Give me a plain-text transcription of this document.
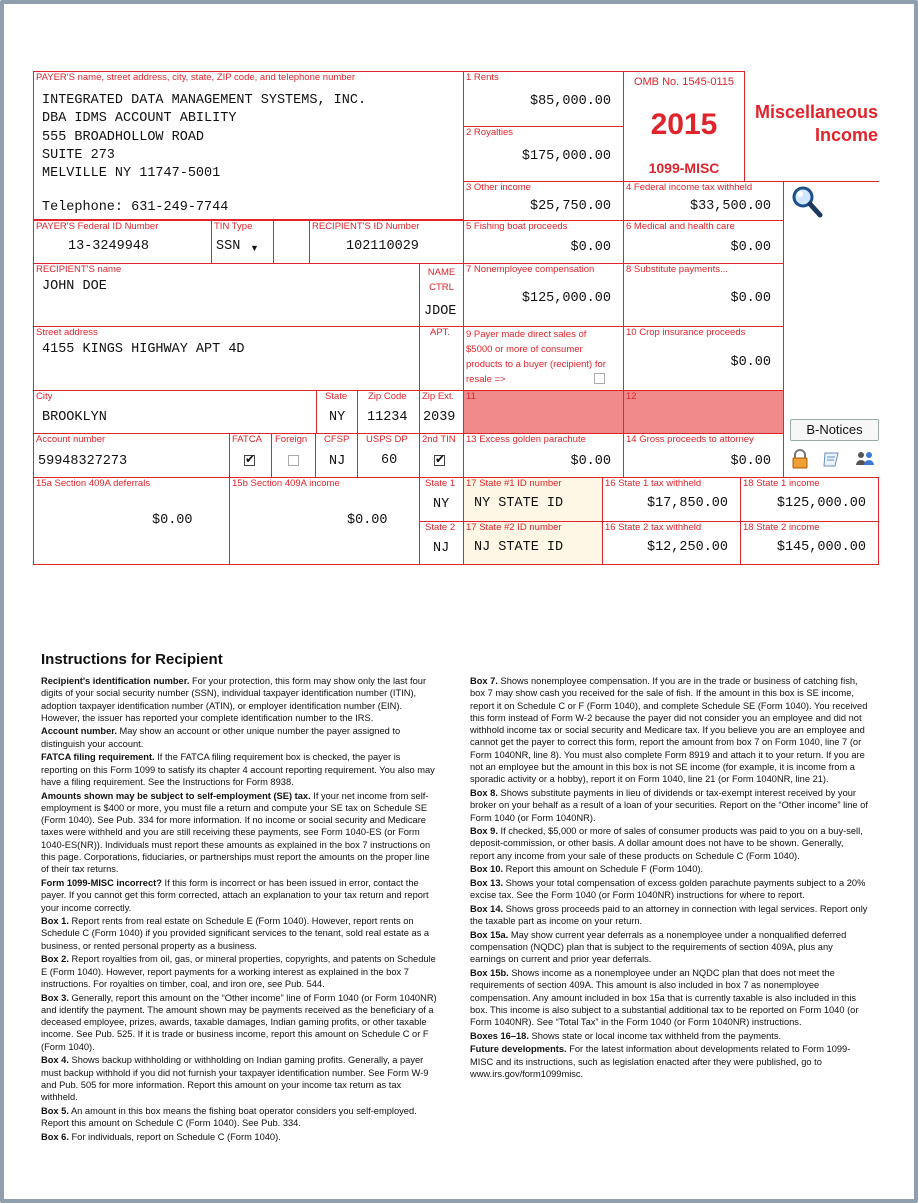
PAYER'S name, street address, city, state, ZIP code, and telephone number
INTEGRATED DATA MANAGEMENT SYSTEMS, INC.
DBA IDMS ACCOUNT ABILITY
555 BROADHOLLOW ROAD
SUITE 273
MELVILLE NY 11747-5001
Telephone: 631-249-7744
1 Rents
$85,000.00
2 Royalties
$175,000.00
OMB No. 1545-0115
2015
1099-MISC
Miscellaneous
Income
3 Other income
$25,750.00
4 Federal income tax withheld
$33,500.00
PAYER'S Federal ID Number
13-3249948
TIN Type
SSN ▼
RECIPIENT'S ID Number
102110029
5 Fishing boat proceeds
$0.00
6 Medical and health care
$0.00
RECIPIENT'S name
JOHN DOE
NAME CTRL
JDOE
7 Nonemployee compensation
$125,000.00
8 Substitute payments...
$0.00
Street address
4155 KINGS HIGHWAY APT 4D
APT. 9 Payer made direct sales of $5000 or more of consumer products to a buyer (recipient) for resale =>
10 Crop insurance proceeds
$0.00
City
BROOKLYN
State
NY
Zip Code
11234
Zip Ext.
2039
11	12
B-Notices
Account number
59948327273
FATCA
✔
Foreign CFSP
NJ
USPS DP
60
2nd TIN
✔
13 Excess golden parachute
$0.00
14 Gross proceeds to attorney
$0.00
15a Section 409A deferrals
$0.00
15b Section 409A income
$0.00
State 1
NY
17 State #1 ID number
NY STATE ID
16 State 1 tax withheld
$17,850.00
18 State 1 income
$125,000.00
State 2
NJ
17 State #2 ID number
NJ STATE ID
16 State 2 tax withheld
$12,250.00
18 State 2 income
$145,000.00
Instructions for Recipient

Recipient's identification number. For your protection, this form may show only the last four digits of your social security number (SSN), individual taxpayer identification number (ITIN), adoption taxpayer identification number (ATIN), or employer identification number (EIN). However, the issuer has reported your complete identification number to the IRS.

Account number. May show an account or other unique number the payer assigned to distinguish your account.

FATCA filing requirement. If the FATCA filing requirement box is checked, the payer is reporting on this Form 1099 to satisfy its chapter 4 account reporting requirement. You also may have a filing requirement. See the Instructions for Form 8938.

Amounts shown may be subject to self-employment (SE) tax. If your net income from self-employment is $400 or more, you must file a return and compute your SE tax on Schedule SE (Form 1040). See Pub. 334 for more information. If no income or social security and Medicare taxes were withheld and you are still receiving these payments, see Form 1040-ES (or Form 1040-ES(NR)). Individuals must report these amounts as explained in the box 7 instructions on this page. Corporations, fiduciaries, or partnerships must report the amounts on the proper line of their tax returns.

Form 1099-MISC incorrect? If this form is incorrect or has been issued in error, contact the payer. If you cannot get this form corrected, attach an explanation to your tax return and report your income correctly.

Box 1. Report rents from real estate on Schedule E (Form 1040). However, report rents on Schedule C (Form 1040) if you provided significant services to the tenant, sold real estate as a business, or rented personal property as a business.

Box 2. Report royalties from oil, gas, or mineral properties, copyrights, and patents on Schedule E (Form 1040). However, report payments for a working interest as explained in the box 7 instructions. For royalties on timber, coal, and iron ore, see Pub. 544.

Box 3. Generally, report this amount on the “Other income” line of Form 1040 (or Form 1040NR) and identify the payment. The amount shown may be payments received as the beneficiary of a deceased employee, prizes, awards, taxable damages, Indian gaming profits, or other taxable income. See Pub. 525. If it is trade or business income, report this amount on Schedule C or F (Form 1040).

Box 4. Shows backup withholding or withholding on Indian gaming profits. Generally, a payer must backup withhold if you did not furnish your taxpayer identification number. See Form W-9 and Pub. 505 for more information. Report this amount on your income tax return as tax withheld.

Box 5. An amount in this box means the fishing boat operator considers you self-employed. Report this amount on Schedule C (Form 1040). See Pub. 334.

Box 6. For individuals, report on Schedule C (Form 1040).

Box 7. Shows nonemployee compensation. If you are in the trade or business of catching fish, box 7 may show cash you received for the sale of fish. If the amount in this box is SE income, report it on Schedule C or F (Form 1040), and complete Schedule SE (Form 1040). You received this form instead of Form W-2 because the payer did not consider you an employee and did not withhold income tax or social security and Medicare tax. If you believe you are an employee and cannot get the payer to correct this form, report the amount from box 7 on Form 1040, line 7 (or Form 1040NR, line 8). You must also complete Form 8919 and attach it to your return. If you are not an employee but the amount in this box is not SE income (for example, it is income from a sporadic activity or a hobby), report it on Form 1040, line 21 (or Form 1040NR, line 21).

Box 8. Shows substitute payments in lieu of dividends or tax-exempt interest received by your broker on your behalf as a result of a loan of your securities. Report on the “Other income” line of Form 1040 (or Form 1040NR).

Box 9. If checked, $5,000 or more of sales of consumer products was paid to you on a buy-sell, deposit-commission, or other basis. A dollar amount does not have to be shown. Generally, report any income from your sale of these products on Schedule C (Form 1040).

Box 10. Report this amount on Schedule F (Form 1040).

Box 13. Shows your total compensation of excess golden parachute payments subject to a 20% excise tax. See the Form 1040 (or Form 1040NR) instructions for where to report.

Box 14. Shows gross proceeds paid to an attorney in connection with legal services. Report only the taxable part as income on your return.

Box 15a. May show current year deferrals as a nonemployee under a nonqualified deferred compensation (NQDC) plan that is subject to the requirements of section 409A, plus any earnings on current and prior year deferrals.

Box 15b. Shows income as a nonemployee under an NQDC plan that does not meet the requirements of section 409A. This amount is also included in box 7 as nonemployee compensation. Any amount included in box 15a that is currently taxable is also included in this box. This income is also subject to a substantial additional tax to be reported on Form 1040 (or Form 1040NR). See “Total Tax” in the Form 1040 (or Form 1040NR) instructions.

Boxes 16–18. Shows state or local income tax withheld from the payments.

Future developments. For the latest information about developments related to Form 1099-MISC and its instructions, such as legislation enacted after they were published, go to www.irs.gov/form1099misc.
